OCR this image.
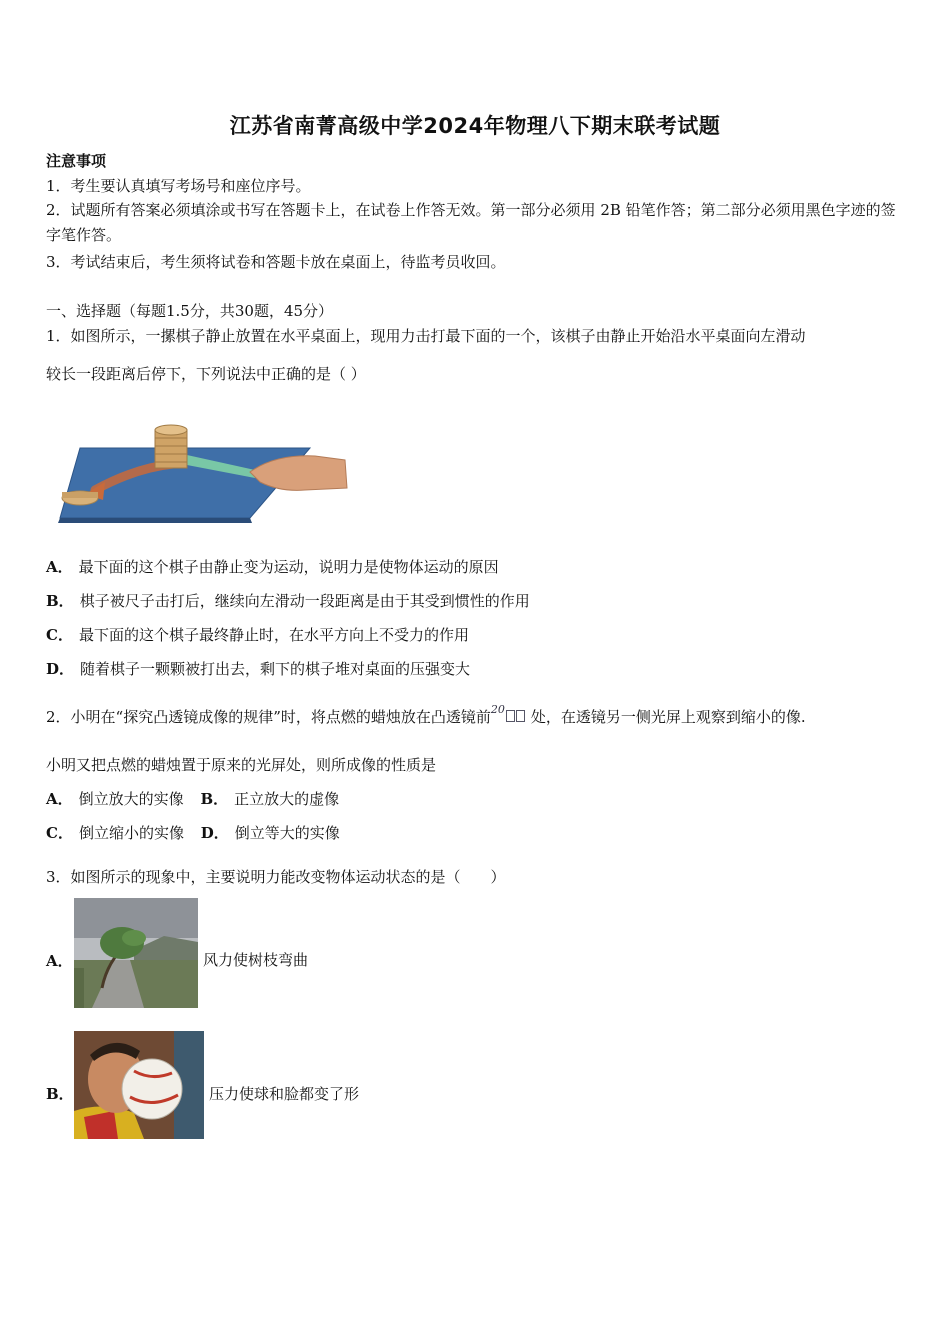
江苏省南菁高级中学2024年物理八下期末联考试题
注意事项
1．考生要认真填写考场号和座位序号。
2．试题所有答案必须填涂或书写在答题卡上，在试卷上作答无效。第一部分必须用 2B 铅笔作答；第二部分必须用黑色字迹的签字笔作答。
3．考试结束后，考生须将试卷和答题卡放在桌面上，待监考员收回。
一、选择题（每题1.5分，共30题，45分）
1．如图所示，一摞棋子静止放置在水平桌面上，现用力击打最下面的一个，该棋子由静止开始沿水平桌面向左滑动
较长一段距离后停下，下列说法中正确的是（ ）
A． 最下面的这个棋子由静止变为运动，说明力是使物体运动的原因
B． 棋子被尺子击打后，继续向左滑动一段距离是由于其受到惯性的作用
C． 最下面的这个棋子最终静止时，在水平方向上不受力的作用
D． 随着棋子一颗颗被打出去，剩下的棋子堆对桌面的压强变大
2．小明在“探究凸透镜成像的规律”时，将点燃的蜡烛放在凸透镜前$^{20}$ 处，在透镜另一侧光屏上观察到缩小的像.
小明又把点燃的蜡烛置于原来的光屏处，则所成像的性质是
A． 倒立放大的实像 B． 正立放大的虚像
C． 倒立缩小的实像 D． 倒立等大的实像
3．如图所示的现象中，主要说明力能改变物体运动状态的是（　　）
A．	风力使树枝弯曲
B．	压力使球和脸都变了形
